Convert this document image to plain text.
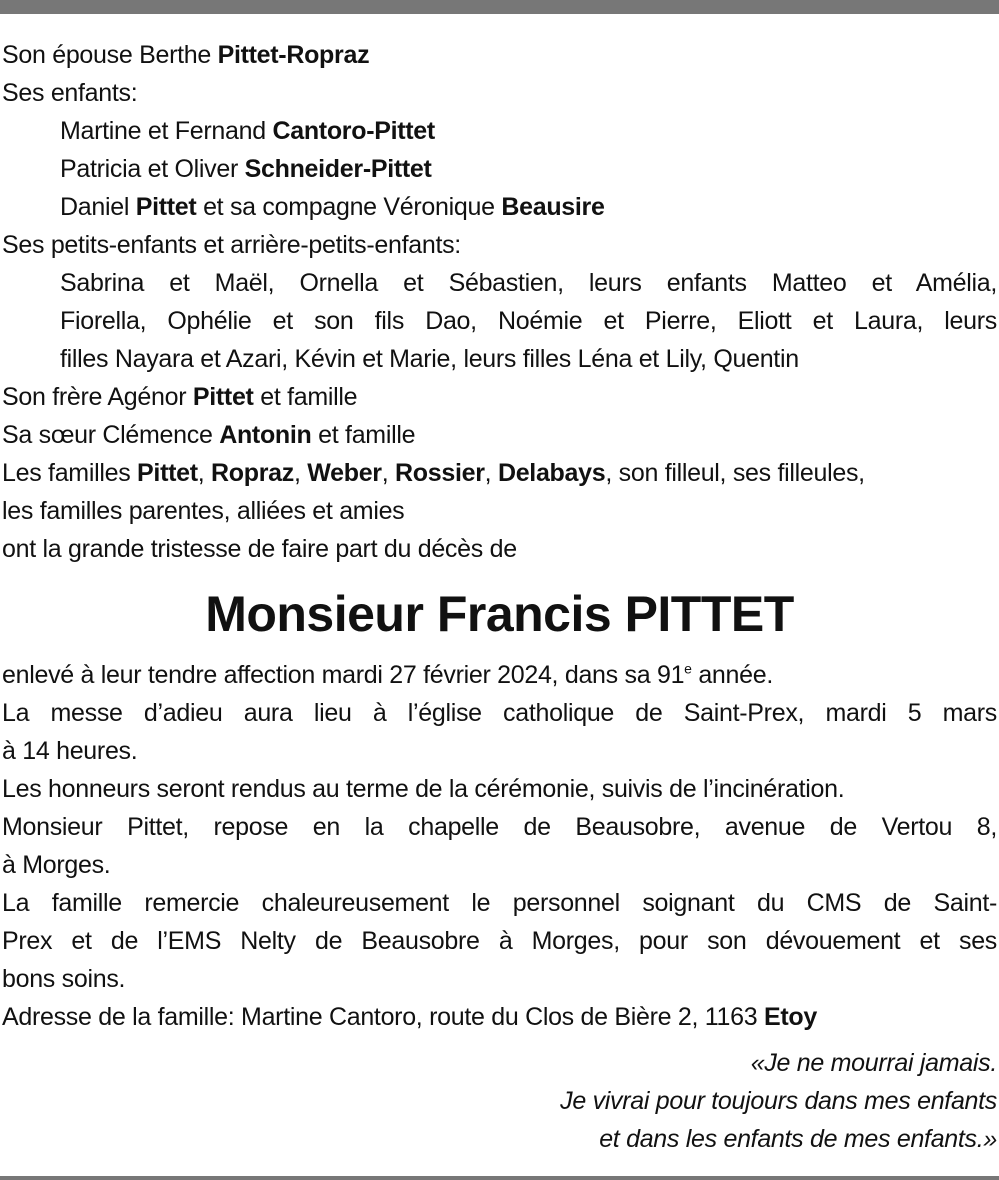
Son épouse Berthe Pittet-Ropraz
Ses enfants:
Martine et Fernand Cantoro-Pittet
Patricia et Oliver Schneider-Pittet
Daniel Pittet et sa compagne Véronique Beausire
Ses petits-enfants et arrière-petits-enfants:
Sabrina et Maël, Ornella et Sébastien, leurs enfants Matteo et Amélia,
Fiorella, Ophélie et son fils Dao, Noémie et Pierre, Eliott et Laura, leurs
filles Nayara et Azari, Kévin et Marie, leurs filles Léna et Lily, Quentin
Son frère Agénor Pittet et famille
Sa sœur Clémence Antonin et famille
Les familles Pittet, Ropraz, Weber, Rossier, Delabays, son filleul, ses filleules,
les familles parentes, alliées et amies
ont la grande tristesse de faire part du décès de
Monsieur Francis PITTET
enlevé à leur tendre affection mardi 27 février 2024, dans sa 91e année.
La messe d’adieu aura lieu à l’église catholique de Saint-Prex, mardi 5 mars
à 14 heures.
Les honneurs seront rendus au terme de la cérémonie, suivis de l’incinération.
Monsieur Pittet, repose en la chapelle de Beausobre, avenue de Vertou 8,
à Morges.
La famille remercie chaleureusement le personnel soignant du CMS de Saint-
Prex et de l’EMS Nelty de Beausobre à Morges, pour son dévouement et ses
bons soins.
Adresse de la famille: Martine Cantoro, route du Clos de Bière 2, 1163 Etoy
«Je ne mourrai jamais.
Je vivrai pour toujours dans mes enfants
et dans les enfants de mes enfants.»
